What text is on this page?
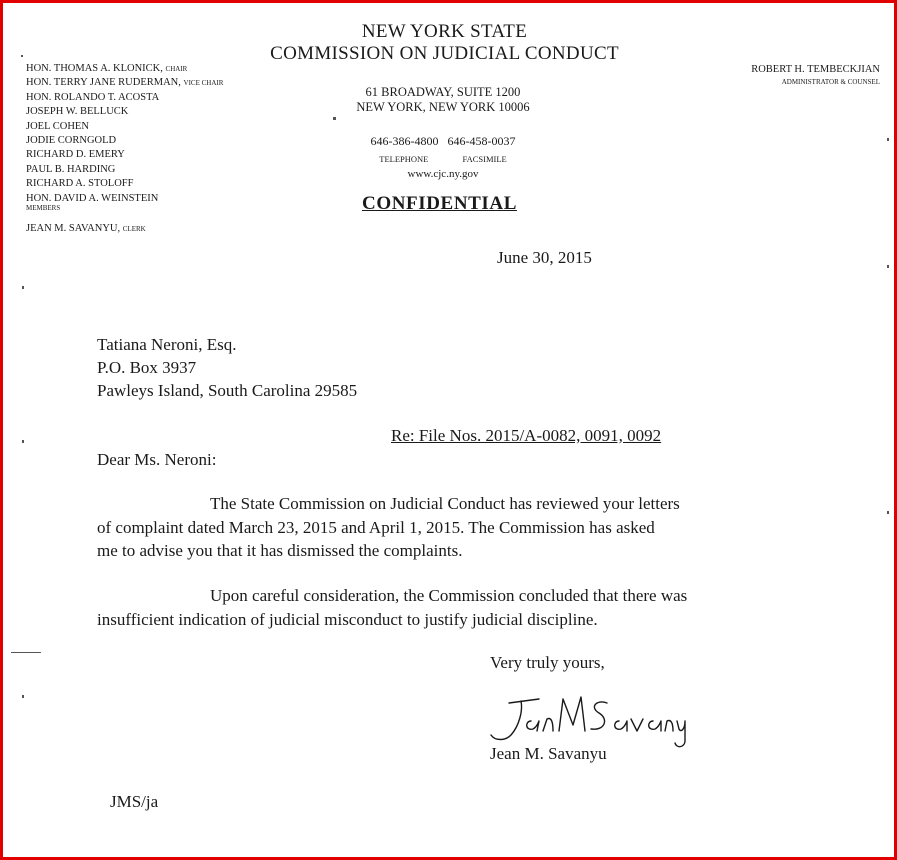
NEW YORK STATE
COMMISSION ON JUDICIAL CONDUCT
HON. THOMAS A. KLONICK, CHAIR
HON. TERRY JANE RUDERMAN, VICE CHAIR
HON. ROLANDO T. ACOSTA
JOSEPH W. BELLUCK
JOEL COHEN
JODIE CORNGOLD
RICHARD D. EMERY
PAUL B. HARDING
RICHARD A. STOLOFF
HON. DAVID A. WEINSTEIN
MEMBERS
JEAN M. SAVANYU, CLERK
61 BROADWAY, SUITE 1200
NEW YORK, NEW YORK 10006
646-386-4800 646-458-0037
TELEPHONE	FACSIMILE
www.cjc.ny.gov
CONFIDENTIAL
ROBERT H. TEMBECKJIAN
ADMINISTRATOR & COUNSEL
June 30, 2015
Tatiana Neroni, Esq.
P.O. Box 3937
Pawleys Island, South Carolina 29585
Re: File Nos. 2015/A-0082, 0091, 0092
Dear Ms. Neroni:
The State Commission on Judicial Conduct has reviewed your letters
of complaint dated March 23, 2015 and April 1, 2015. The Commission has asked
me to advise you that it has dismissed the complaints.
Upon careful consideration, the Commission concluded that there was
insufficient indication of judicial misconduct to justify judicial discipline.
Very truly yours,
Jean M. Savanyu
Jean M. Savanyu
JMS/ja
